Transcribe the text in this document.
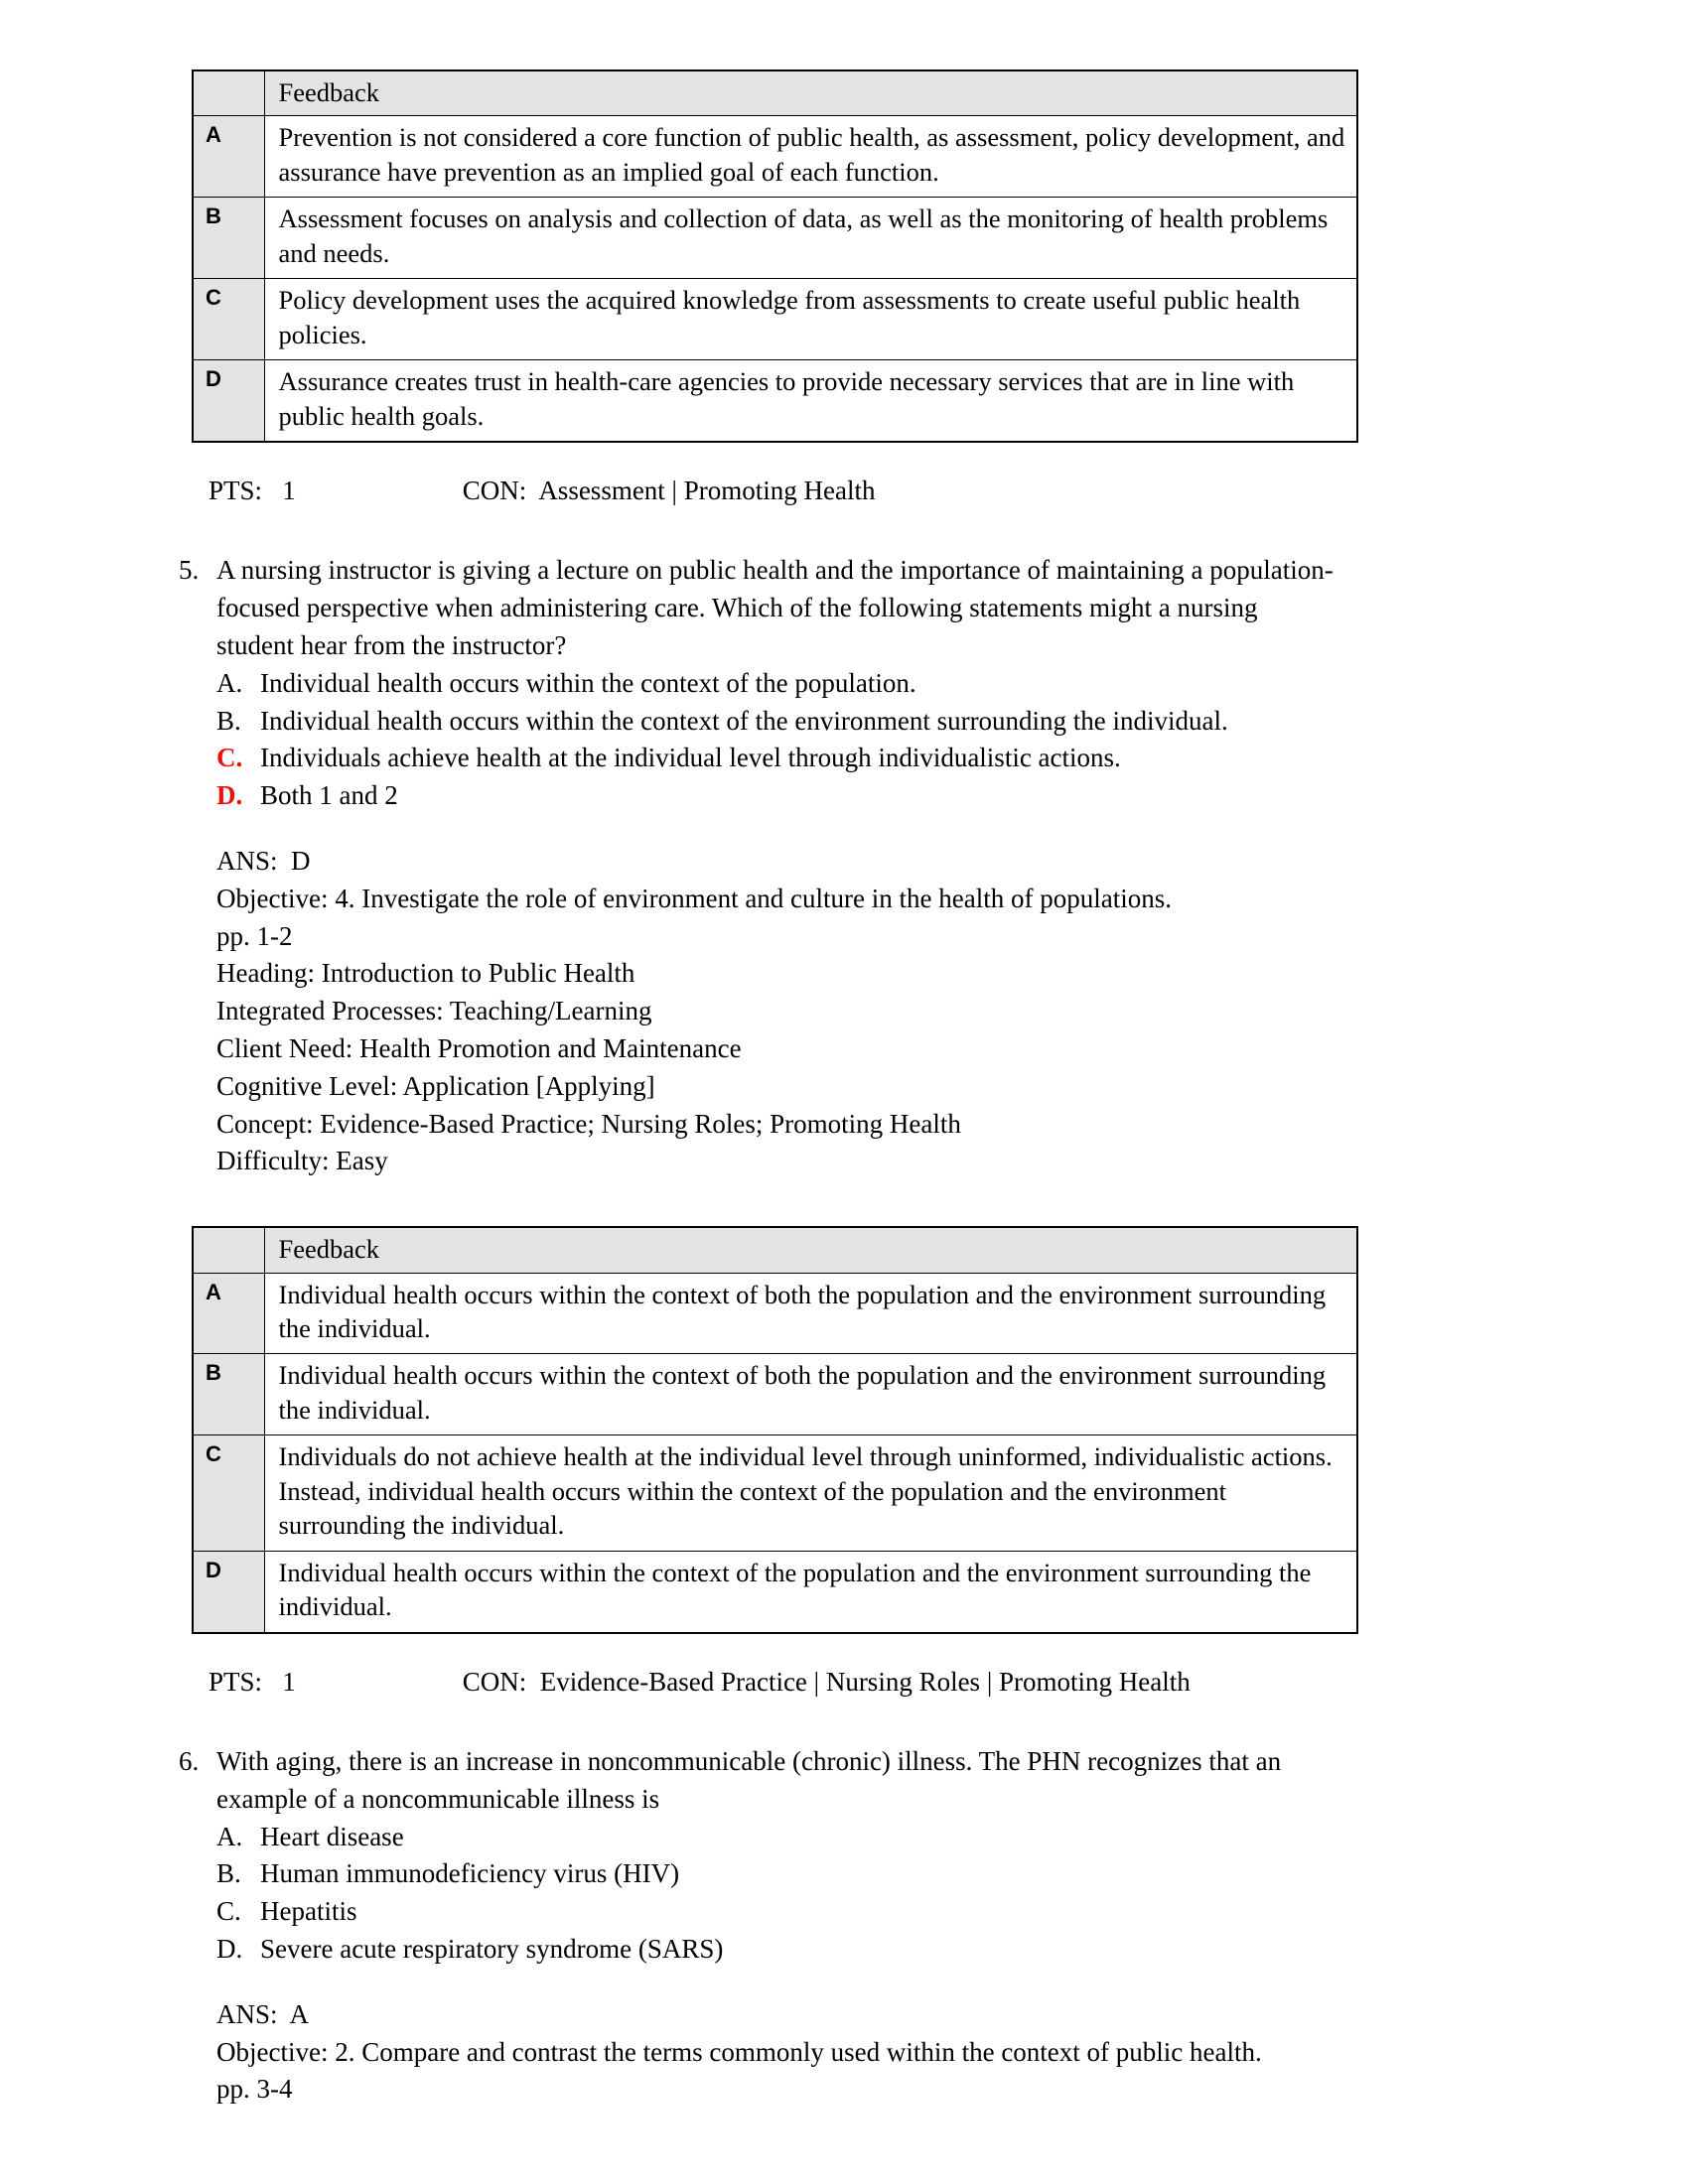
	Feedback
A	Prevention is not considered a core function of public health, as assessment, policy development, and assurance have prevention as an implied goal of each function.
B	Assessment focuses on analysis and collection of data, as well as the monitoring of health problems and needs.
C	Policy development uses the acquired knowledge from assessments to create useful public health policies.
D	Assurance creates trust in health-care agencies to provide necessary services that are in line with public health goals.
PTS: 1	CON: Assessment | Promoting Health
5. A nursing instructor is giving a lecture on public health and the importance of maintaining a population-focused perspective when administering care. Which of the following statements might a nursing student hear from the instructor?
A. Individual health occurs within the context of the population.
B. Individual health occurs within the context of the environment surrounding the individual.
C. Individuals achieve health at the individual level through individualistic actions.
D. Both 1 and 2
ANS:  D
Objective: 4. Investigate the role of environment and culture in the health of populations.
pp. 1-2
Heading: Introduction to Public Health
Integrated Processes: Teaching/Learning
Client Need: Health Promotion and Maintenance
Cognitive Level: Application [Applying]
Concept: Evidence-Based Practice; Nursing Roles; Promoting Health
Difficulty: Easy
	Feedback
A	Individual health occurs within the context of both the population and the environment surrounding the individual.
B	Individual health occurs within the context of both the population and the environment surrounding the individual.
C	Individuals do not achieve health at the individual level through uninformed, individualistic actions. Instead, individual health occurs within the context of the population and the environment surrounding the individual.
D	Individual health occurs within the context of the population and the environment surrounding the individual.
PTS: 1	CON: Evidence-Based Practice | Nursing Roles | Promoting Health
6. With aging, there is an increase in noncommunicable (chronic) illness. The PHN recognizes that an example of a noncommunicable illness is
A. Heart disease
B. Human immunodeficiency virus (HIV)
C. Hepatitis
D. Severe acute respiratory syndrome (SARS)
ANS:  A
Objective: 2. Compare and contrast the terms commonly used within the context of public health.
pp. 3-4
